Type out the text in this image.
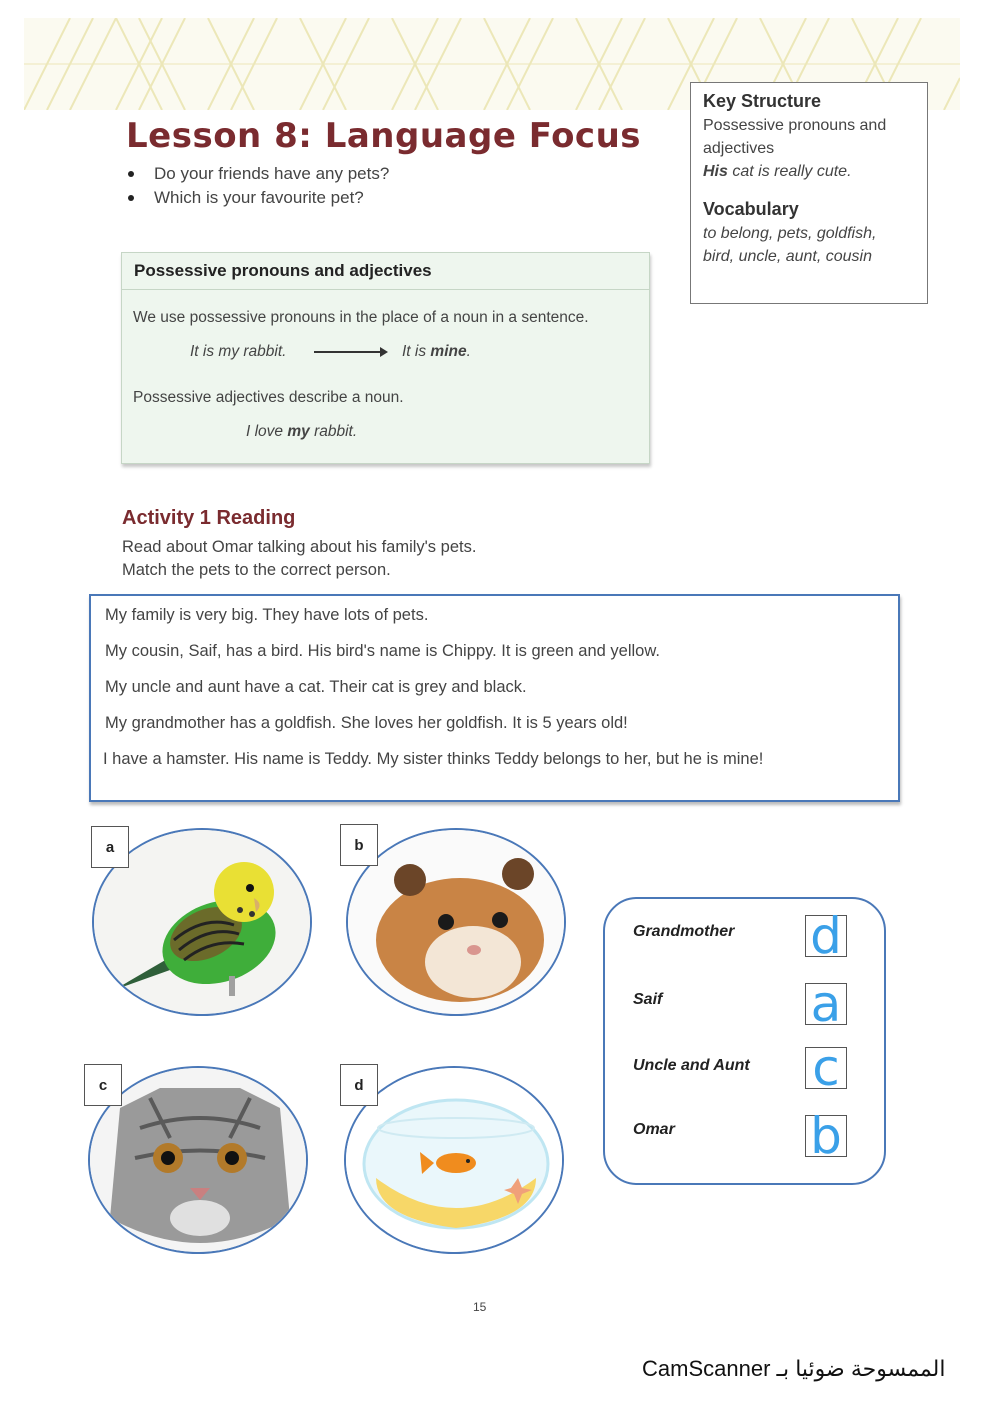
Lesson 8: Language Focus
Do your friends have any pets?
Which is your favourite pet?
Key Structure

Possessive pronouns and
adjectives
His cat is really cute.

Vocabulary

to belong, pets, goldfish,
bird, uncle, aunt, cousin

Possessive pronouns and adjectives
We use possessive pronouns in the place of a noun in a sentence.
It is my rabbit.	It is mine.
Possessive adjectives describe a noun.
I love my rabbit.
Activity 1 Reading
Read about Omar talking about his family's pets.
Match the pets to the correct person.
My family is very big. They have lots of pets.
My cousin, Saif, has a bird. His bird's name is Chippy. It is green and yellow.
My uncle and aunt have a cat. Their cat is grey and black.
My grandmother has a goldfish. She loves her goldfish. It is 5 years old!
I have a hamster. His name is Teddy. My sister thinks Teddy belongs to her, but he is mine!
a	b
c	d
Grandmother d
Saif	a
Uncle and Aunt c
Omar	b
15
CamScanner الممسوحة ضوئيا بـ
